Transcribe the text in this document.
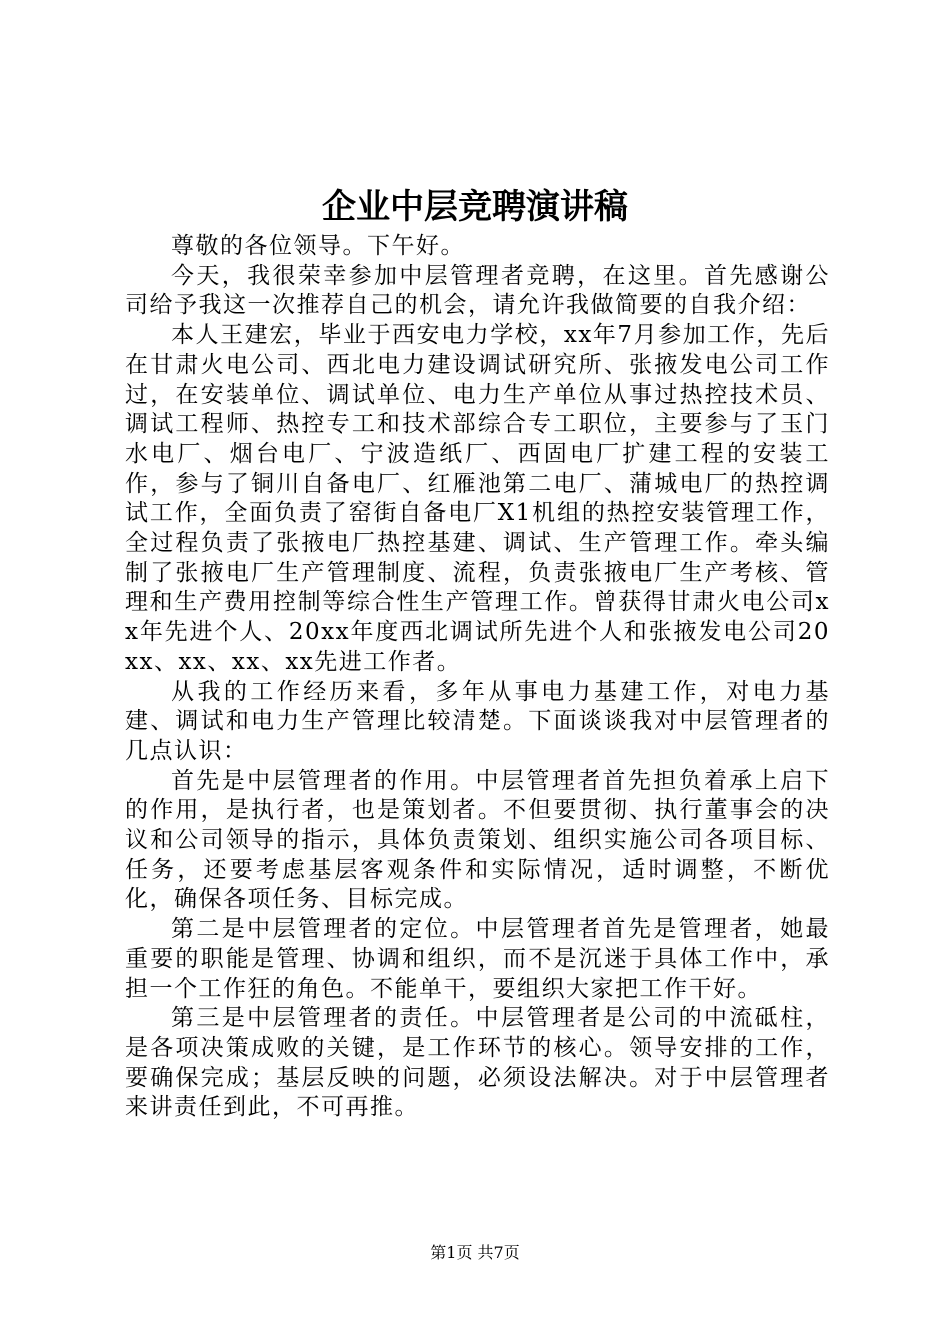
企业中层竞聘演讲稿

尊敬的各位领导。下午好。

今天，我很荣幸参加中层管理者竞聘，在这里。首先感谢公司给予我这一次推荐自己的机会，请允许我做简要的自我介绍：

本人王建宏，毕业于西安电力学校，xx年7月参加工作，先后在甘肃火电公司、西北电力建设调试研究所、张掖发电公司工作过，在安装单位、调试单位、电力生产单位从事过热控技术员、调试工程师、热控专工和技术部综合专工职位，主要参与了玉门水电厂、烟台电厂、宁波造纸厂、西固电厂扩建工程的安装工作，参与了铜川自备电厂、红雁池第二电厂、蒲城电厂的热控调试工作，全面负责了窑街自备电厂X1机组的热控安装管理工作，全过程负责了张掖电厂热控基建、调试、生产管理工作。牵头编制了张掖电厂生产管理制度、流程，负责张掖电厂生产考核、管理和生产费用控制等综合性生产管理工作。曾获得甘肃火电公司xx年先进个人、20xx年度西北调试所先进个人和张掖发电公司20xx、xx、xx、xx先进工作者。

从我的工作经历来看，多年从事电力基建工作，对电力基建、调试和电力生产管理比较清楚。下面谈谈我对中层管理者的几点认识：

首先是中层管理者的作用。中层管理者首先担负着承上启下的作用，是执行者，也是策划者。不但要贯彻、执行董事会的决议和公司领导的指示，具体负责策划、组织实施公司各项目标、任务，还要考虑基层客观条件和实际情况，适时调整，不断优化，确保各项任务、目标完成。

第二是中层管理者的定位。中层管理者首先是管理者，她最重要的职能是管理、协调和组织，而不是沉迷于具体工作中，承担一个工作狂的角色。不能单干，要组织大家把工作干好。

第三是中层管理者的责任。中层管理者是公司的中流砥柱，是各项决策成败的关键，是工作环节的核心。领导安排的工作，要确保完成；基层反映的问题，必须设法解决。对于中层管理者来讲责任到此，不可再推。

第1页 共7页
